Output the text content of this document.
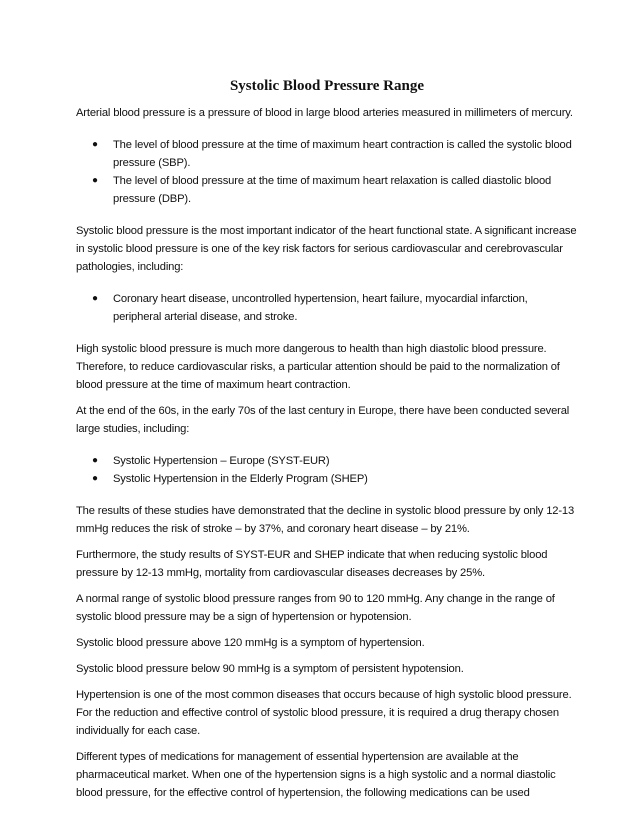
Systolic Blood Pressure Range

Arterial blood pressure is a pressure of blood in large blood arteries measured in millimeters of mercury.

● The level of blood pressure at the time of maximum heart contraction is called the systolic blood pressure (SBP).
● The level of blood pressure at the time of maximum heart relaxation is called diastolic blood pressure (DBP).

Systolic blood pressure is the most important indicator of the heart functional state. A significant increase in systolic blood pressure is one of the key risk factors for serious cardiovascular and cerebrovascular pathologies, including:

● Coronary heart disease, uncontrolled hypertension, heart failure, myocardial infarction, peripheral arterial disease, and stroke.

High systolic blood pressure is much more dangerous to health than high diastolic blood pressure. Therefore, to reduce cardiovascular risks, a particular attention should be paid to the normalization of blood pressure at the time of maximum heart contraction.

At the end of the 60s, in the early 70s of the last century in Europe, there have been conducted several large studies, including:

● Systolic Hypertension – Europe (SYST-EUR)
● Systolic Hypertension in the Elderly Program (SHEP)

The results of these studies have demonstrated that the decline in systolic blood pressure by only 12-13 mmHg reduces the risk of stroke – by 37%, and coronary heart disease – by 21%.

Furthermore, the study results of SYST-EUR and SHEP indicate that when reducing systolic blood pressure by 12-13 mmHg, mortality from cardiovascular diseases decreases by 25%.

A normal range of systolic blood pressure ranges from 90 to 120 mmHg. Any change in the range of systolic blood pressure may be a sign of hypertension or hypotension.

Systolic blood pressure above 120 mmHg is a symptom of hypertension.

Systolic blood pressure below 90 mmHg is a symptom of persistent hypotension.

Hypertension is one of the most common diseases that occurs because of high systolic blood pressure. For the reduction and effective control of systolic blood pressure, it is required a drug therapy chosen individually for each case.

Different types of medications for management of essential hypertension are available at the pharmaceutical market. When one of the hypertension signs is a high systolic and a normal diastolic blood pressure, for the effective control of hypertension, the following medications can be used
